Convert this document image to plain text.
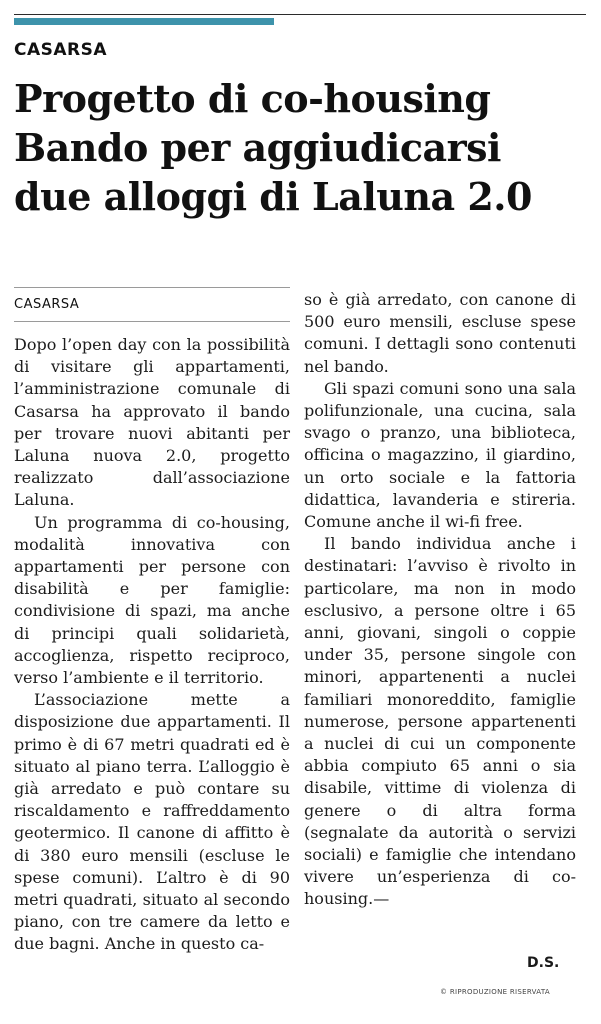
CASARSA
Progetto di co-housing
Bando per aggiudicarsi
due alloggi di Laluna 2.0
CASARSA

Dopo l’open day con la possibilità di visitare gli appartamenti, l’amministrazione comunale di Casarsa ha approvato il bando per trovare nuovi abitanti per Laluna nuova 2.0, progetto realizzato dall’associazione Laluna.

Un programma di co-housing, modalità innovativa con appartamenti per persone con disabilità e per famiglie: condivisione di spazi, ma anche di principi quali solidarietà, accoglienza, rispetto reciproco, verso l’ambiente e il territorio.

L’associazione mette a disposizione due appartamenti. Il primo è di 67 metri quadrati ed è situato al piano terra. L’alloggio è già arredato e può contare su riscaldamento e raffreddamento geotermico. Il canone di affitto è di 380 euro mensili (escluse le spese comuni). L’altro è di 90 metri quadrati, situato al secondo piano, con tre camere da letto e due bagni. Anche in questo ca-

so è già arredato, con canone di 500 euro mensili, escluse spese comuni. I dettagli sono contenuti nel bando.

Gli spazi comuni sono una sala polifunzionale, una cucina, sala svago o pranzo, una biblioteca, officina o magazzino, il giardino, un orto sociale e la fattoria didattica, lavanderia e stireria. Comune anche il wi-fi free.

Il bando individua anche i destinatari: l’avviso è rivolto in particolare, ma non in modo esclusivo, a persone oltre i 65 anni, giovani, singoli o coppie under 35, persone singole con minori, appartenenti a nuclei familiari monoreddito, famiglie numerose, persone appartenenti a nuclei di cui un componente abbia compiuto 65 anni o sia disabile, vittime di violenza di genere o di altra forma (segnalate da autorità o servizi sociali) e famiglie che intendano vivere un’esperienza di co-housing.—

D.S.
© RIPRODUZIONE RISERVATA
